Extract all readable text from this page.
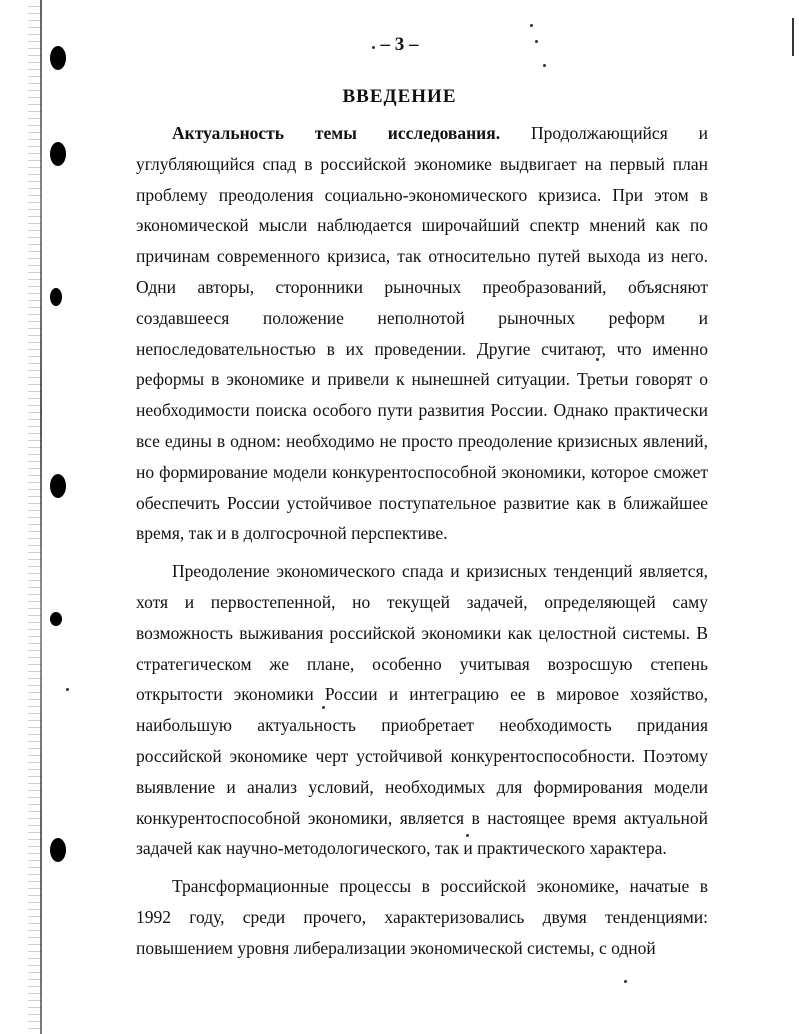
– 3 –
ВВЕДЕНИЕ

Актуальность темы исследования. Продолжающийся и углубляющийся спад в российской экономике выдвигает на первый план проблему преодоления социально-экономического кризиса. При этом в экономической мысли наблюдается широчайший спектр мнений как по причинам современного кризиса, так относительно путей выхода из него. Одни авторы, сторонники рыночных преобразований, объясняют создавшееся положение неполнотой рыночных реформ и непоследовательностью в их проведении. Другие считают, что именно реформы в экономике и привели к нынешней ситуации. Третьи говорят о необходимости поиска особого пути развития России. Однако практически все едины в одном: необходимо не просто преодоление кризисных явлений, но формирование модели конкурентоспособной экономики, которое сможет обеспечить России устойчивое поступательное развитие как в ближайшее время, так и в долгосрочной перспективе.

Преодоление экономического спада и кризисных тенденций является, хотя и первостепенной, но текущей задачей, определяющей саму возможность выживания российской экономики как целостной системы. В стратегическом же плане, особенно учитывая возросшую степень открытости экономики России и интеграцию ее в мировое хозяйство, наибольшую актуальность приобретает необходимость придания российской экономике черт устойчивой конкурентоспособности. Поэтому выявление и анализ условий, необходимых для формирования модели конкурентоспособной экономики, является в настоящее время актуальной задачей как научно-методологического, так и практического характера.

Трансформационные процессы в российской экономике, начатые в 1992 году, среди прочего, характеризовались двумя тенденциями: повышением уровня либерализации экономической системы, с одной
